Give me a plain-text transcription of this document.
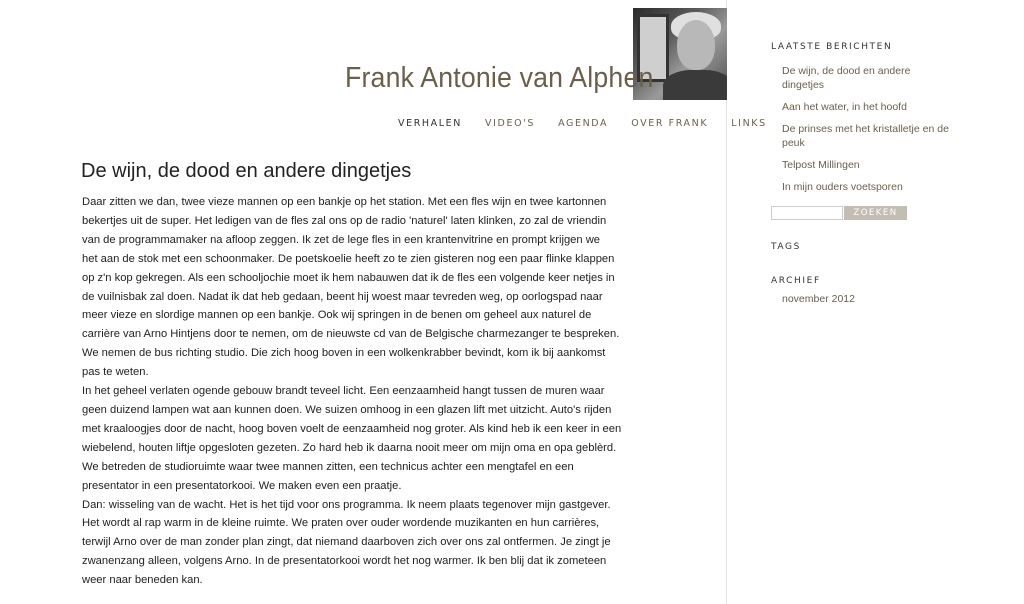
Frank Antonie van Alphen
VERHALEN VIDEO'S AGENDA OVER FRANK LINKS
De wijn, de dood en andere dingetjes
Daar zitten we dan, twee vieze mannen op een bankje op het station. Met een fles wijn en twee kartonnen
bekertjes uit de super. Het ledigen van de fles zal ons op de radio 'naturel' laten klinken, zo zal de vriendin
van de programmamaker na afloop zeggen. Ik zet de lege fles in een krantenvitrine en prompt krijgen we
het aan de stok met een schoonmaker. De poetskoelie heeft zo te zien gisteren nog een paar flinke klappen
op z'n kop gekregen. Als een schooljochie moet ik hem nabauwen dat ik de fles een volgende keer netjes in
de vuilnisbak zal doen. Nadat ik dat heb gedaan, beent hij woest maar tevreden weg, op oorlogspad naar
meer vieze en slordige mannen op een bankje. Ook wij springen in de benen om geheel aux naturel de
carrière van Arno Hintjens door te nemen, om de nieuwste cd van de Belgische charmezanger te bespreken.
We nemen de bus richting studio. Die zich hoog boven in een wolkenkrabber bevindt, kom ik bij aankomst
pas te weten.
In het geheel verlaten ogende gebouw brandt teveel licht. Een eenzaamheid hangt tussen de muren waar
geen duizend lampen wat aan kunnen doen. We suizen omhoog in een glazen lift met uitzicht. Auto's rijden
met kraaloogjes door de nacht, hoog boven voelt de eenzaamheid nog groter. Als kind heb ik een keer in een
wiebelend, houten liftje opgesloten gezeten. Zo hard heb ik daarna nooit meer om mijn oma en opa geblèrd.
We betreden de studioruimte waar twee mannen zitten, een technicus achter een mengtafel en een
presentator in een presentatorkooi. We maken even een praatje.
Dan: wisseling van de wacht. Het is het tijd voor ons programma. Ik neem plaats tegenover mijn gastgever.
Het wordt al rap warm in de kleine ruimte. We praten over ouder wordende muzikanten en hun carrières,
terwijl Arno over de man zonder plan zingt, dat niemand daarboven zich over ons zal ontfermen. Je zingt je
zwanenzang alleen, volgens Arno. In de presentatorkooi wordt het nog warmer. Ik ben blij dat ik zometeen
weer naar beneden kan.
LAATSTE BERICHTEN
De wijn, de dood en andere dingetjes
Aan het water, in het hoofd
De prinses met het kristalletje en de peuk
Telpost Millingen
In mijn ouders voetsporen
ZOEKEN
TAGS
ARCHIEF
november 2012
